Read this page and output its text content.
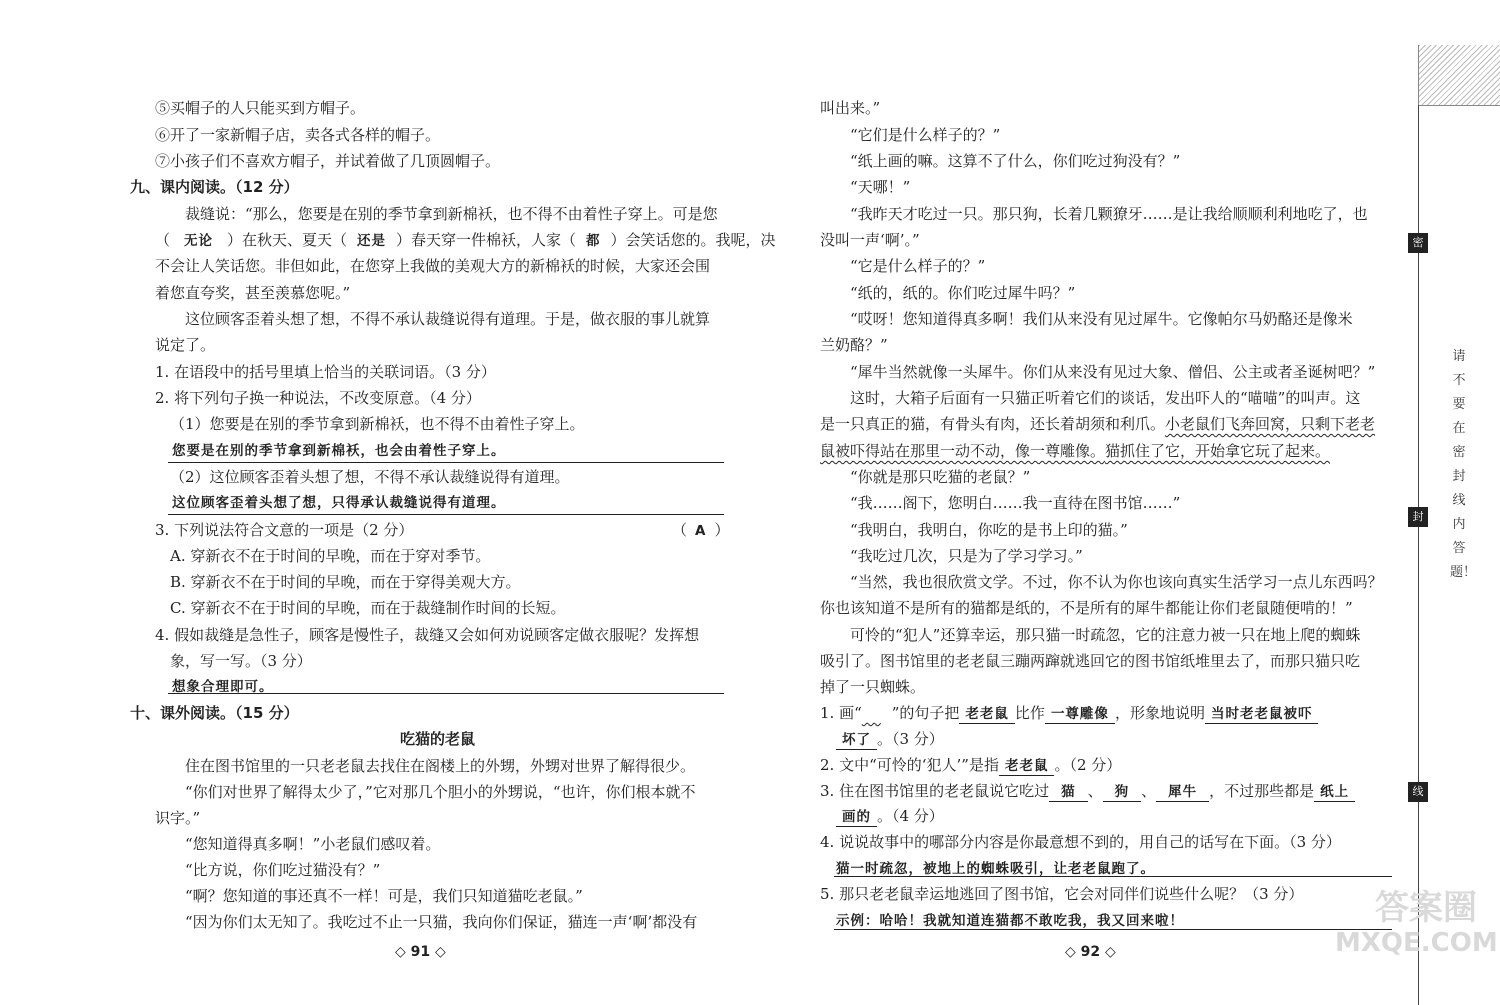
⑤买帽子的人只能买到方帽子。
⑥开了一家新帽子店，卖各式各样的帽子。
⑦小孩子们不喜欢方帽子，并试着做了几顶圆帽子。
九、课内阅读。（12 分）
裁缝说：“那么，您要是在别的季节拿到新棉袄，也不得不由着性子穿上。可是您
（ 无论 ）在秋天、夏天（ 还是 ）春天穿一件棉袄，人家（ 都 ）会笑话您的。我呢，决
不会让人笑话您。非但如此，在您穿上我做的美观大方的新棉袄的时候，大家还会围
着您直夸奖，甚至羡慕您呢。”
这位顾客歪着头想了想，不得不承认裁缝说得有道理。于是，做衣服的事儿就算
说定了。
1. 在语段中的括号里填上恰当的关联词语。（3 分）
2. 将下列句子换一种说法，不改变原意。（4 分）
（1）您要是在别的季节拿到新棉袄，也不得不由着性子穿上。
您要是在别的季节拿到新棉袄，也会由着性子穿上。
（2）这位顾客歪着头想了想，不得不承认裁缝说得有道理。
这位顾客歪着头想了想，只得承认裁缝说得有道理。
3. 下列说法符合文意的一项是（2 分）	（ A ）
A. 穿新衣不在于时间的早晚，而在于穿对季节。
B. 穿新衣不在于时间的早晚，而在于穿得美观大方。
C. 穿新衣不在于时间的早晚，而在于裁缝制作时间的长短。
4. 假如裁缝是急性子，顾客是慢性子，裁缝又会如何劝说顾客定做衣服呢？发挥想
象，写一写。（3 分）
想象合理即可。
十、课外阅读。（15 分）
吃猫的老鼠
住在图书馆里的一只老老鼠去找住在阁楼上的外甥，外甥对世界了解得很少。
“你们对世界了解得太少了，”它对那几个胆小的外甥说，“也许，你们根本就不
识字。”
“您知道得真多啊！”小老鼠们感叹着。
“比方说，你们吃过猫没有？”
“啊？您知道的事还真不一样！可是，我们只知道猫吃老鼠。”
“因为你们太无知了。我吃过不止一只猫，我向你们保证，猫连一声‘啊’都没有
◇ 91 ◇
叫出来。”
“它们是什么样子的？”
“纸上画的嘛。这算不了什么，你们吃过狗没有？”
“天哪！”
“我昨天才吃过一只。那只狗，长着几颗獠牙……是让我给顺顺利利地吃了，也
没叫一声‘啊’。”
“它是什么样子的？”
“纸的，纸的。你们吃过犀牛吗？”
“哎呀！您知道得真多啊！我们从来没有见过犀牛。它像帕尔马奶酪还是像米
兰奶酪？”
“犀牛当然就像一头犀牛。你们从来没有见过大象、僧侣、公主或者圣诞树吧？”
这时，大箱子后面有一只猫正听着它们的谈话，发出吓人的“喵喵”的叫声。这
是一只真正的猫，有骨头有肉，还长着胡须和利爪。小老鼠们飞奔回窝，只剩下老老
鼠被吓得站在那里一动不动，像一尊雕像。猫抓住了它，开始拿它玩了起来。
“你就是那只吃猫的老鼠？”
“我……阁下，您明白……我一直待在图书馆……”
“我明白，我明白，你吃的是书上印的猫。”
“我吃过几次，只是为了学习学习。”
“当然，我也很欣赏文学。不过，你不认为你也该向真实生活学习一点儿东西吗？
你也该知道不是所有的猫都是纸的，不是所有的犀牛都能让你们老鼠随便啃的！”
可怜的“犯人”还算幸运，那只猫一时疏忽，它的注意力被一只在地上爬的蜘蛛
吸引了。图书馆里的老老鼠三蹦两蹿就逃回它的图书馆纸堆里去了，而那只猫只吃
掉了一只蜘蛛。
1. 画“ ”的句子把 老老鼠 比作 一尊雕像 ，形象地说明 当时老老鼠被吓
坏了 。（3 分）
2. 文中“可怜的‘犯人’”是指 老老鼠 。（2 分）
3. 住在图书馆里的老老鼠说它吃过 猫 、 狗 、 犀牛 ，不过那些都是 纸上
画的 。（4 分）
4. 说说故事中的哪部分内容是你最意想不到的，用自己的话写在下面。（3 分）
猫一时疏忽，被地上的蜘蛛吸引，让老老鼠跑了。
5. 那只老老鼠幸运地逃回了图书馆，它会对同伴们说些什么呢？（3 分）
示例：哈哈！我就知道连猫都不敢吃我，我又回来啦！
◇ 92 ◇
密
封
线
请不要在密封线内答题！
答案圈
MXQE.COM
